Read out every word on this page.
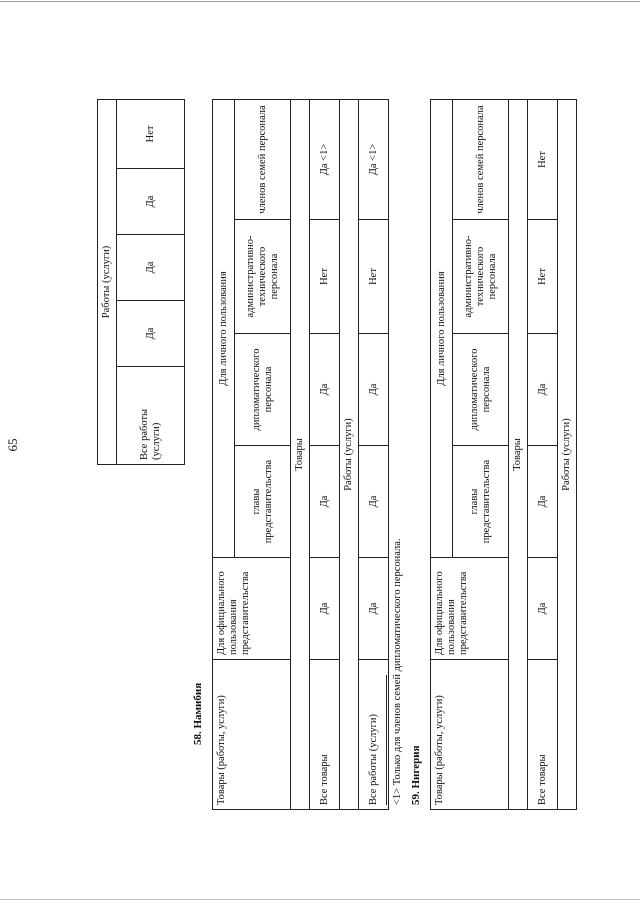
65
Работы (услуги)
Все работы (услуги)	Да	Да	Да	Нет	
58. Намибия Товары (работы, услуги)	Для официального пользования представительства	Для личного пользования			
		главы представительства	дипломатического персонала	административно-технического персонала	членов семей персонала
Товары					
Все товары	Да	Да	Да	Нет	Да <1>
Работы (услуги)					
Все работы (услуги)	Да	Да	Да	Нет	Да <1>
<1> Только для членов семей дипломатического персонала. 59. Нигерия Товары (работы, услуги)	Для официального пользования представительства	Для личного пользования			
		главы представительства	дипломатического персонала	административно-технического персонала	членов семей персонала
Товары					
Все товары	Да	Да	Да	Нет	Нет
Работы (услуги)					
